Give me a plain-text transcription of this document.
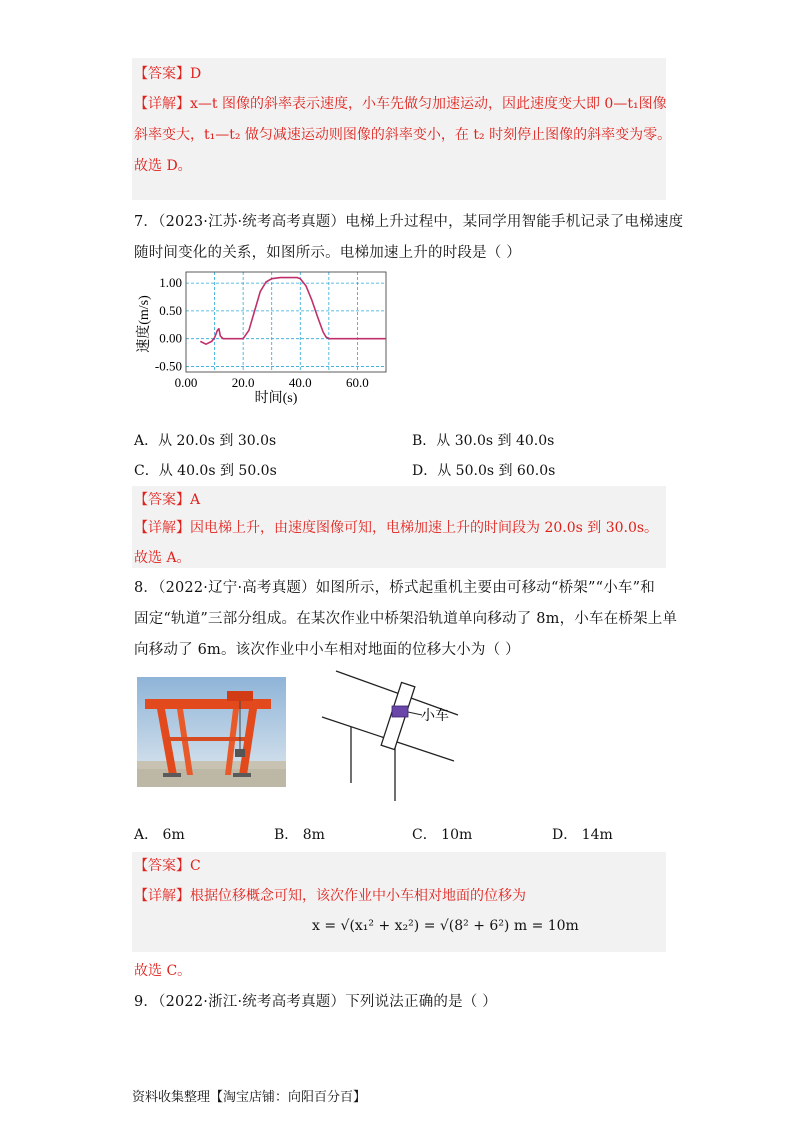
【答案】D
【详解】x—t 图像的斜率表示速度，小车先做匀加速运动，因此速度变大即 0—t₁图像
斜率变大，t₁—t₂ 做匀减速运动则图像的斜率变小，在 t₂ 时刻停止图像的斜率变为零。
故选 D。
7．（2023·江苏·统考高考真题）电梯上升过程中，某同学用智能手机记录了电梯速度
随时间变化的关系，如图所示。电梯加速上升的时段是（ ）
0.00	20.0	40.0	60.0
1.00
0.50
0.00
-0.50
速度(m/s)
时间(s)
A．从 20.0s 到 30.0s	B．从 30.0s 到 40.0s
C．从 40.0s 到 50.0s	D．从 50.0s 到 60.0s
【答案】A
【详解】因电梯上升，由速度图像可知，电梯加速上升的时间段为 20.0s 到 30.0s。
故选 A。
8．（2022·辽宁·高考真题）如图所示，桥式起重机主要由可移动“桥架”“小车”和
固定“轨道”三部分组成。在某次作业中桥架沿轨道单向移动了 8m，小车在桥架上单
向移动了 6m。该次作业中小车相对地面的位移大小为（ ）
小车
A． 6m	B． 8m	C． 10m	D． 14m
【答案】C
【详解】根据位移概念可知，该次作业中小车相对地面的位移为
x = √(x₁² + x₂²) = √(8² + 6²) m = 10m
故选 C。
9．（2022·浙江·统考高考真题）下列说法正确的是（ ）
资料收集整理【淘宝店铺：向阳百分百】
